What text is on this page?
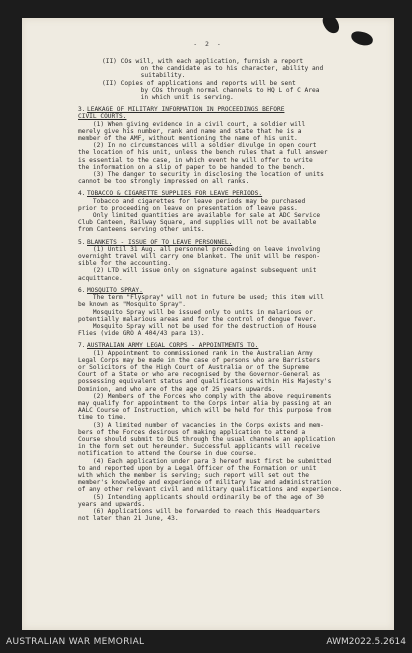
- 2 -

(II) COs will, with each application, furnish a report
on the candidate as to his character, ability and
suitability.

(II) Copies of applications and reports will be sent
by COs through normal channels to HQ L of C Area
in which unit is serving.

3. LEAKAGE OF MILITARY INFORMATION IN PROCEEDINGS BEFORE
CIVIL COURTS.

(1) When giving evidence in a civil court, a soldier will
merely give his number, rank and name and state that he is a
member of the AMF, without mentioning the name of his unit.

(2) In no circumstances will a soldier divulge in open court
the location of his unit, unless the bench rules that a full answer
is essential to the case, in which event he will offer to write
the information on a slip of paper to be handed to the bench.

(3) The danger to security in disclosing the location of units
cannot be too strongly impressed on all ranks.

4. TOBACCO & CIGARETTE SUPPLIES FOR LEAVE PERIODS.

Tobacco and cigarettes for leave periods may be purchased
prior to proceeding on leave on presentation of leave pass.

Only limited quantities are available for sale at ADC Service
Club Canteen, Railway Square, and supplies will not be available
from Canteens serving other units.

5. BLANKETS - ISSUE OF TO LEAVE PERSONNEL.

(1) Until 31 Aug. all personnel proceeding on leave involving
overnight travel will carry one blanket. The unit will be respon-
sible for the accounting.

(2) LTD will issue only on signature against subsequent unit
acquittance.

6. MOSQUITO SPRAY.

The term "Flyspray" will not in future be used; this item will
be known as "Mosquito Spray".

Mosquito Spray will be issued only to units in malarious or
potentially malarious areas and for the control of dengue fever.

Mosquito Spray will not be used for the destruction of House
Flies (vide GRO A 404/43 para 13).

7. AUSTRALIAN ARMY LEGAL CORPS - APPOINTMENTS TO.

(1) Appointment to commissioned rank in the Australian Army
Legal Corps may be made in the case of persons who are Barristers
or Solicitors of the High Court of Australia or of the Supreme
Court of a State or who are recognised by the Governor-General as
possessing equivalent status and qualifications within His Majesty's
Dominion, and who are of the age of 25 years upwards.

(2) Members of the Forces who comply with the above requirements
may qualify for appointment to the Corps inter alia by passing at an
AALC Course of Instruction, which will be held for this purpose from
time to time.

(3) A limited number of vacancies in the Corps exists and mem-
bers of the Forces desirous of making application to attend a
Course should submit to DLS through the usual channels an application
in the form set out hereunder. Successful applicants will receive
notification to attend the Course in due course.

(4) Each application under para 3 hereof must first be submitted
to and reported upon by a Legal Officer of the Formation or unit
with which the member is serving; such report will set out the
member's knowledge and experience of military law and administration
of any other relevant civil and military qualifications and experience.

(5) Intending applicants should ordinarily be of the age of 30
years and upwards.

(6) Applications will be forwarded to reach this Headquarters
not later than 21 June, 43.

AUSTRALIAN WAR MEMORIAL	AWM2022.5.2614
